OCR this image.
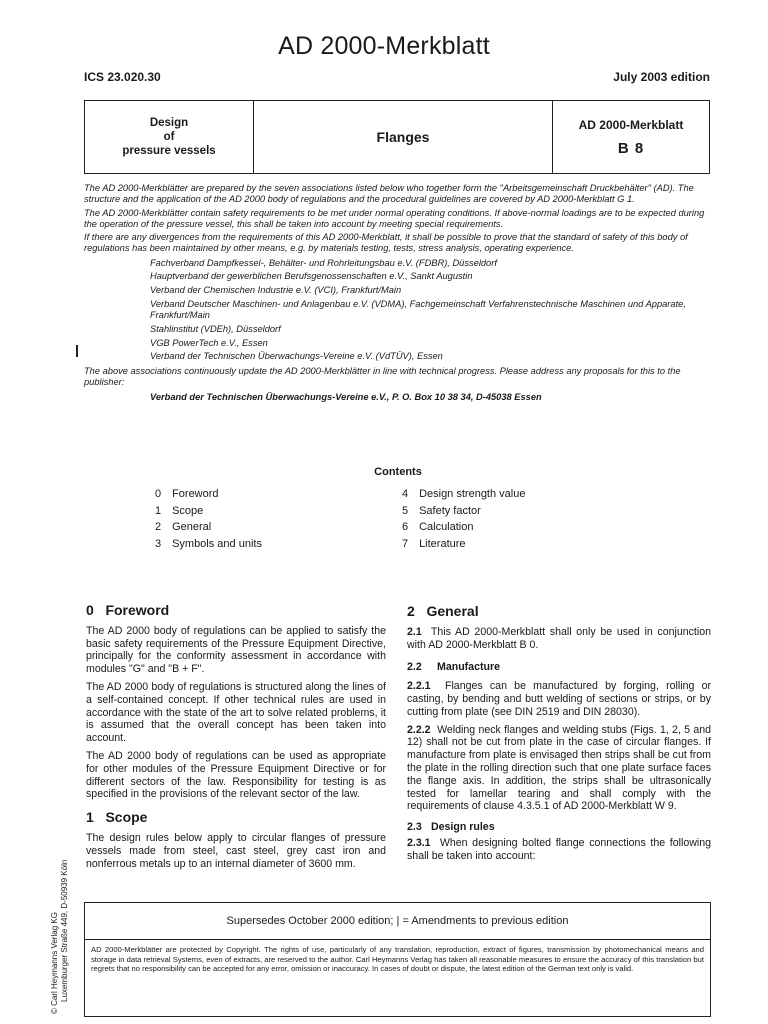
AD 2000-Merkblatt
ICS 23.020.30	July 2003 edition
Design
of
pressure vessels
Flanges
AD 2000-Merkblatt
B 8

The AD 2000-Merkblätter are prepared by the seven associations listed below who together form the "Arbeitsgemeinschaft Druckbehälter" (AD). The structure and the application of the AD 2000 body of regulations and the procedural guidelines are covered by AD 2000-Merkblatt G 1.

The AD 2000-Merkblätter contain safety requirements to be met under normal operating conditions. If above-normal loadings are to be expected during the operation of the pressure vessel, this shall be taken into account by meeting special requirements.

If there are any divergences from the requirements of this AD 2000-Merkblatt, it shall be possible to prove that the standard of safety of this body of regulations has been maintained by other means, e.g. by materials testing, tests, stress analysis, operating experience.

Fachverband Dampfkessel-, Behälter- und Rohrleitungsbau e.V. (FDBR), Düsseldorf
Hauptverband der gewerblichen Berufsgenossenschaften e.V., Sankt Augustin
Verband der Chemischen Industrie e.V. (VCI), Frankfurt/Main
Verband Deutscher Maschinen- und Anlagenbau e.V. (VDMA), Fachgemeinschaft Verfahrenstechnische Maschinen und Apparate, Frankfurt/Main
Stahlinstitut (VDEh), Düsseldorf
VGB PowerTech e.V., Essen
Verband der Technischen Überwachungs-Vereine e.V. (VdTÜV), Essen

The above associations continuously update the AD 2000-Merkblätter in line with technical progress. Please address any proposals for this to the publisher:

Verband der Technischen Überwachungs-Vereine e.V., P. O. Box 10 38 34, D-45038 Essen
Contents
0 Foreword
1 Scope
2 General
3 Symbols and units
4 Design strength value
5 Safety factor
6 Calculation
7 Literature
0   Foreword

The AD 2000 body of regulations can be applied to satisfy the basic safety requirements of the Pressure Equipment Directive, principally for the conformity assessment in accordance with modules "G" and "B + F".

The AD 2000 body of regulations is structured along the lines of a self-contained concept. If other technical rules are used in accordance with the state of the art to solve related problems, it is assumed that the overall concept has been taken into account.

The AD 2000 body of regulations can be used as appropriate for other modules of the Pressure Equipment Directive or for different sectors of the law. Responsibility for testing is as specified in the provisions of the relevant sector of the law.

1   Scope

The design rules below apply to circular flanges of pressure vessels made from steel, cast steel, grey cast iron and nonferrous metals up to an internal diameter of 3600 mm.

2   General

2.1 This AD 2000-Merkblatt shall only be used in conjunction with AD 2000-Merkblatt B 0.

2.2 Manufacture

2.2.1 Flanges can be manufactured by forging, rolling or casting, by bending and butt welding of sections or strips, or by cutting from plate (see DIN 2519 and DIN 28030).

2.2.2 Welding neck flanges and welding stubs (Figs. 1, 2, 5 and 12) shall not be cut from plate in the case of circular flanges. If manufacture from plate is envisaged then strips shall be cut from the plate in the rolling direction such that one plate surface faces the flange axis. In addition, the strips shall be ultrasonically tested for lamellar tearing and shall comply with the requirements of clause 4.3.5.1 of AD 2000-Merkblatt W 9.

2.3 Design rules

2.3.1 When designing bolted flange connections the following shall be taken into account:

© Carl Heymanns Verlag KG Luxemburger Straße 449, D-50939 Köln	Supersedes October 2000 edition; | = Amendments to previous edition
AD 2000-Merkblätter are protected by Copyright. The rights of use, particularly of any translation, reproduction, extract of figures, transmission by photomechanical means and storage in data retrieval Systems, even of extracts, are reserved to the author. Carl Heymanns Verlag has taken all reasonable measures to ensure the accuracy of this translation but regrets that no responsibility can be accepted for any error, omission or inaccuracy. In cases of doubt or dispute, the latest edition of the German text only is valid.
